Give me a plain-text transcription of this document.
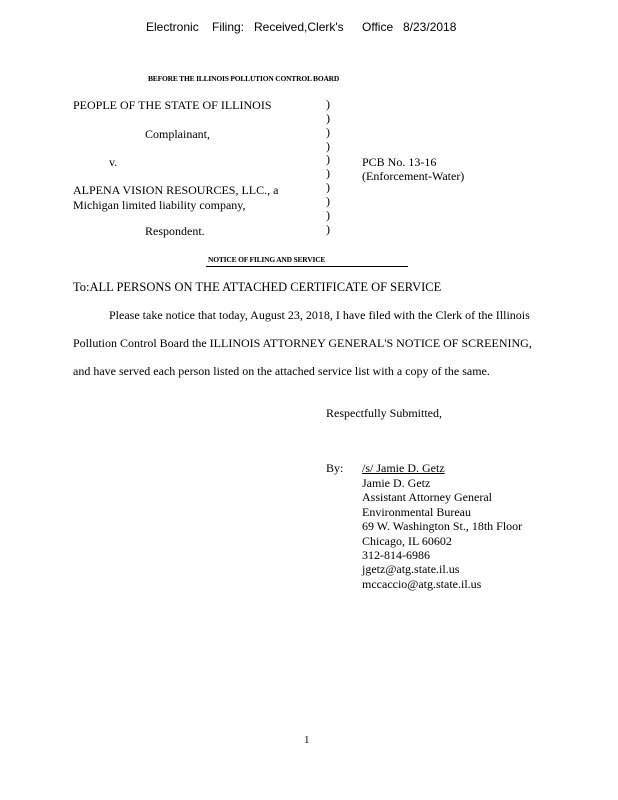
Electronic Filing: Received,Clerk's Office 8/23/2018
BEFORE THE ILLINOIS POLLUTION CONTROL BOARD
PEOPLE OF THE STATE OF ILLINOIS
Complainant,
v.
ALPENA VISION RESOURCES, LLC., a
Michigan limited liability company,
Respondent.
)
)
)
)
)
)
)
)
)
)
PCB No. 13-16
(Enforcement-Water)
NOTICE OF FILING AND SERVICE
To:ALL PERSONS ON THE ATTACHED CERTIFICATE OF SERVICE
Please take notice that today, August 23, 2018, I have filed with the Clerk of the Illinois
Pollution Control Board the ILLINOIS ATTORNEY GENERAL'S NOTICE OF SCREENING,
and have served each person listed on the attached service list with a copy of the same.
Respectfully Submitted,
By: /s/ Jamie D. Getz
Jamie D. Getz
Assistant Attorney General
Environmental Bureau
69 W. Washington St., 18th Floor
Chicago, IL 60602
312-814-6986
jgetz@atg.state.il.us
mccaccio@atg.state.il.us
1
